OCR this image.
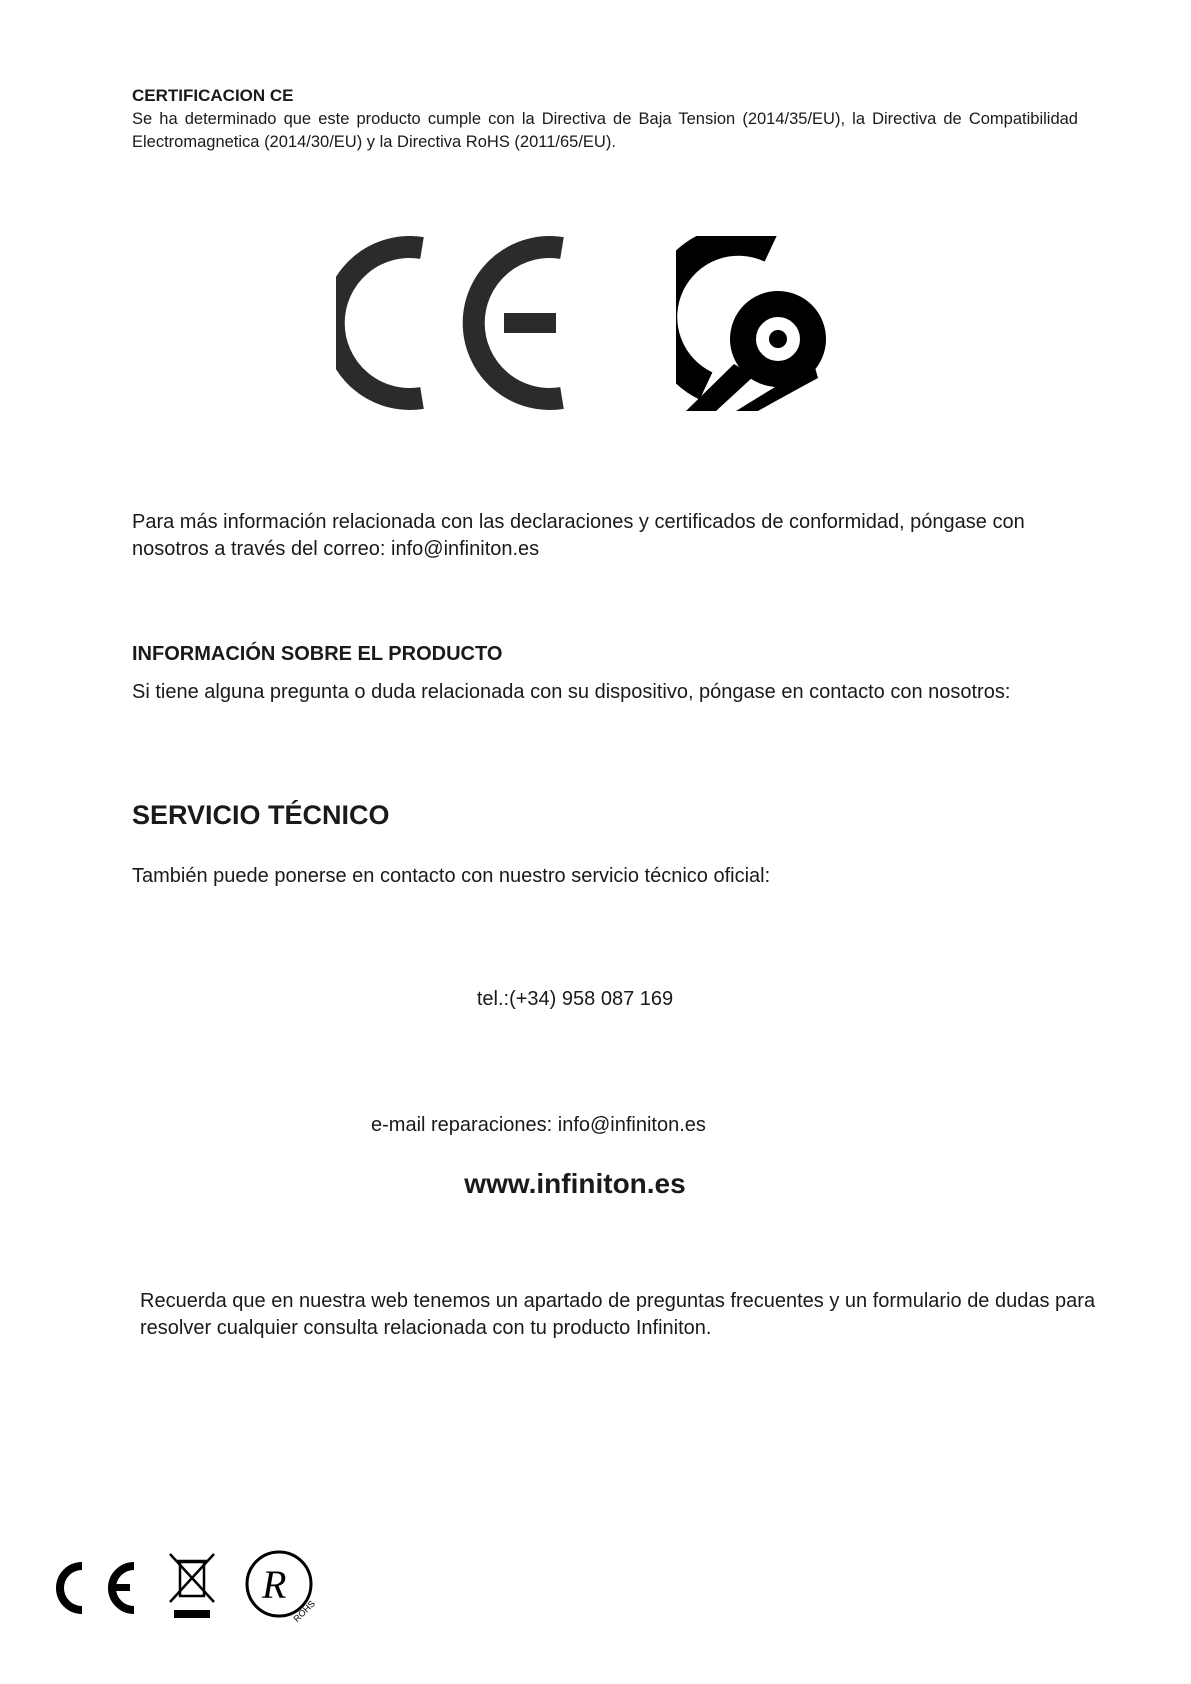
CERTIFICACION CE
Se ha determinado que este producto cumple con la Directiva de Baja Tension (2014/35/EU), la Directiva de Compatibilidad Electromagnetica (2014/30/EU) y la Directiva RoHS (2011/65/EU).
Para más información relacionada con las declaraciones y certificados de conformidad, póngase con nosotros a través del correo: info@infiniton.es
INFORMACIÓN SOBRE EL PRODUCTO
Si tiene alguna pregunta o duda relacionada con su dispositivo, póngase en contacto con nosotros:
SERVICIO TÉCNICO
También puede ponerse en contacto con nuestro servicio técnico oficial:
tel.:(+34) 958 087 169
e-mail reparaciones: info@infiniton.es
www.infiniton.es
Recuerda que en nuestra web tenemos un apartado de preguntas frecuentes y un formulario de dudas para resolver cualquier consulta relacionada con tu producto Infiniton.
R
ROHS
